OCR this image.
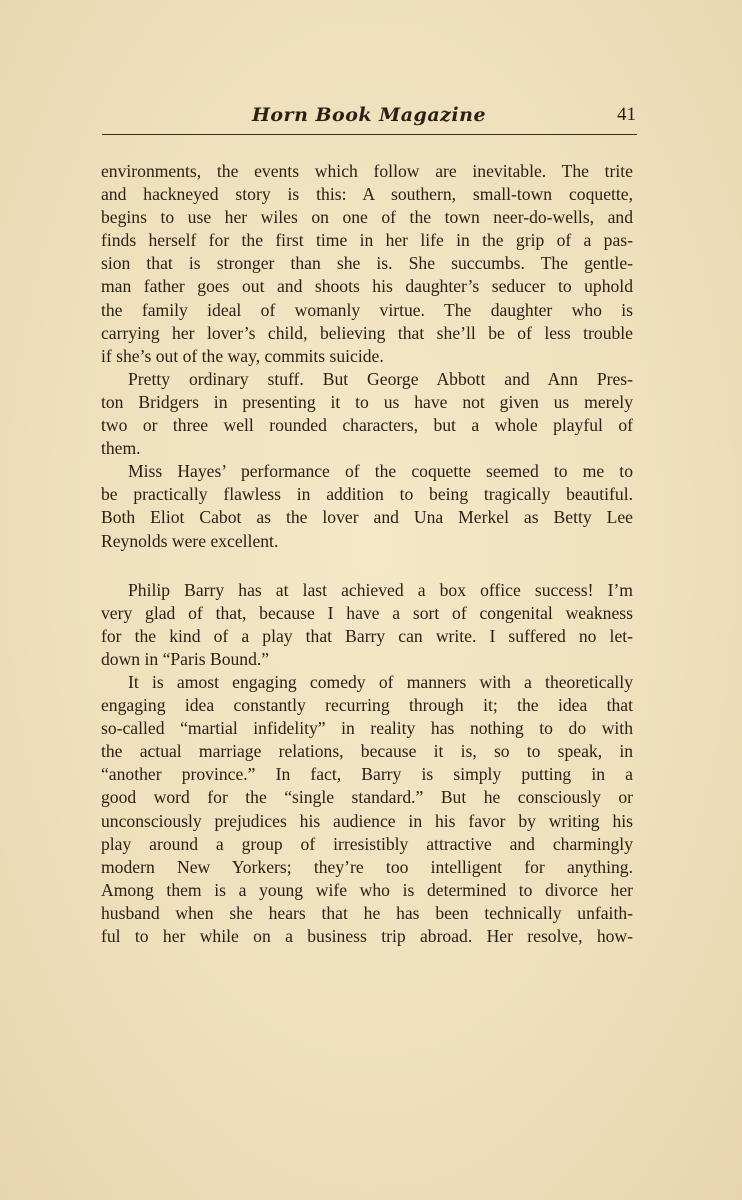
Horn Book Magazine	41
environments, the events which follow are inevitable. The trite
and hackneyed story is this: A southern, small-town coquette,
begins to use her wiles on one of the town neer-do-wells, and
finds herself for the first time in her life in the grip of a pas-
sion that is stronger than she is. She succumbs. The gentle-
man father goes out and shoots his daughter’s seducer to uphold
the family ideal of womanly virtue. The daughter who is
carrying her lover’s child, believing that she’ll be of less trouble
if she’s out of the way, commits suicide.
Pretty ordinary stuff. But George Abbott and Ann Pres-
ton Bridgers in presenting it to us have not given us merely
two or three well rounded characters, but a whole playful of
them.
Miss Hayes’ performance of the coquette seemed to me to
be practically flawless in addition to being tragically beautiful.
Both Eliot Cabot as the lover and Una Merkel as Betty Lee
Reynolds were excellent.
Philip Barry has at last achieved a box office success! I’m
very glad of that, because I have a sort of congenital weakness
for the kind of a play that Barry can write. I suffered no let-
down in “Paris Bound.”
It is amost engaging comedy of manners with a theoretically
engaging idea constantly recurring through it; the idea that
so-called “martial infidelity” in reality has nothing to do with
the actual marriage relations, because it is, so to speak, in
“another province.” In fact, Barry is simply putting in a
good word for the “single standard.” But he consciously or
unconsciously prejudices his audience in his favor by writing his
play around a group of irresistibly attractive and charmingly
modern New Yorkers; they’re too intelligent for anything.
Among them is a young wife who is determined to divorce her
husband when she hears that he has been technically unfaith-
ful to her while on a business trip abroad. Her resolve, how-
